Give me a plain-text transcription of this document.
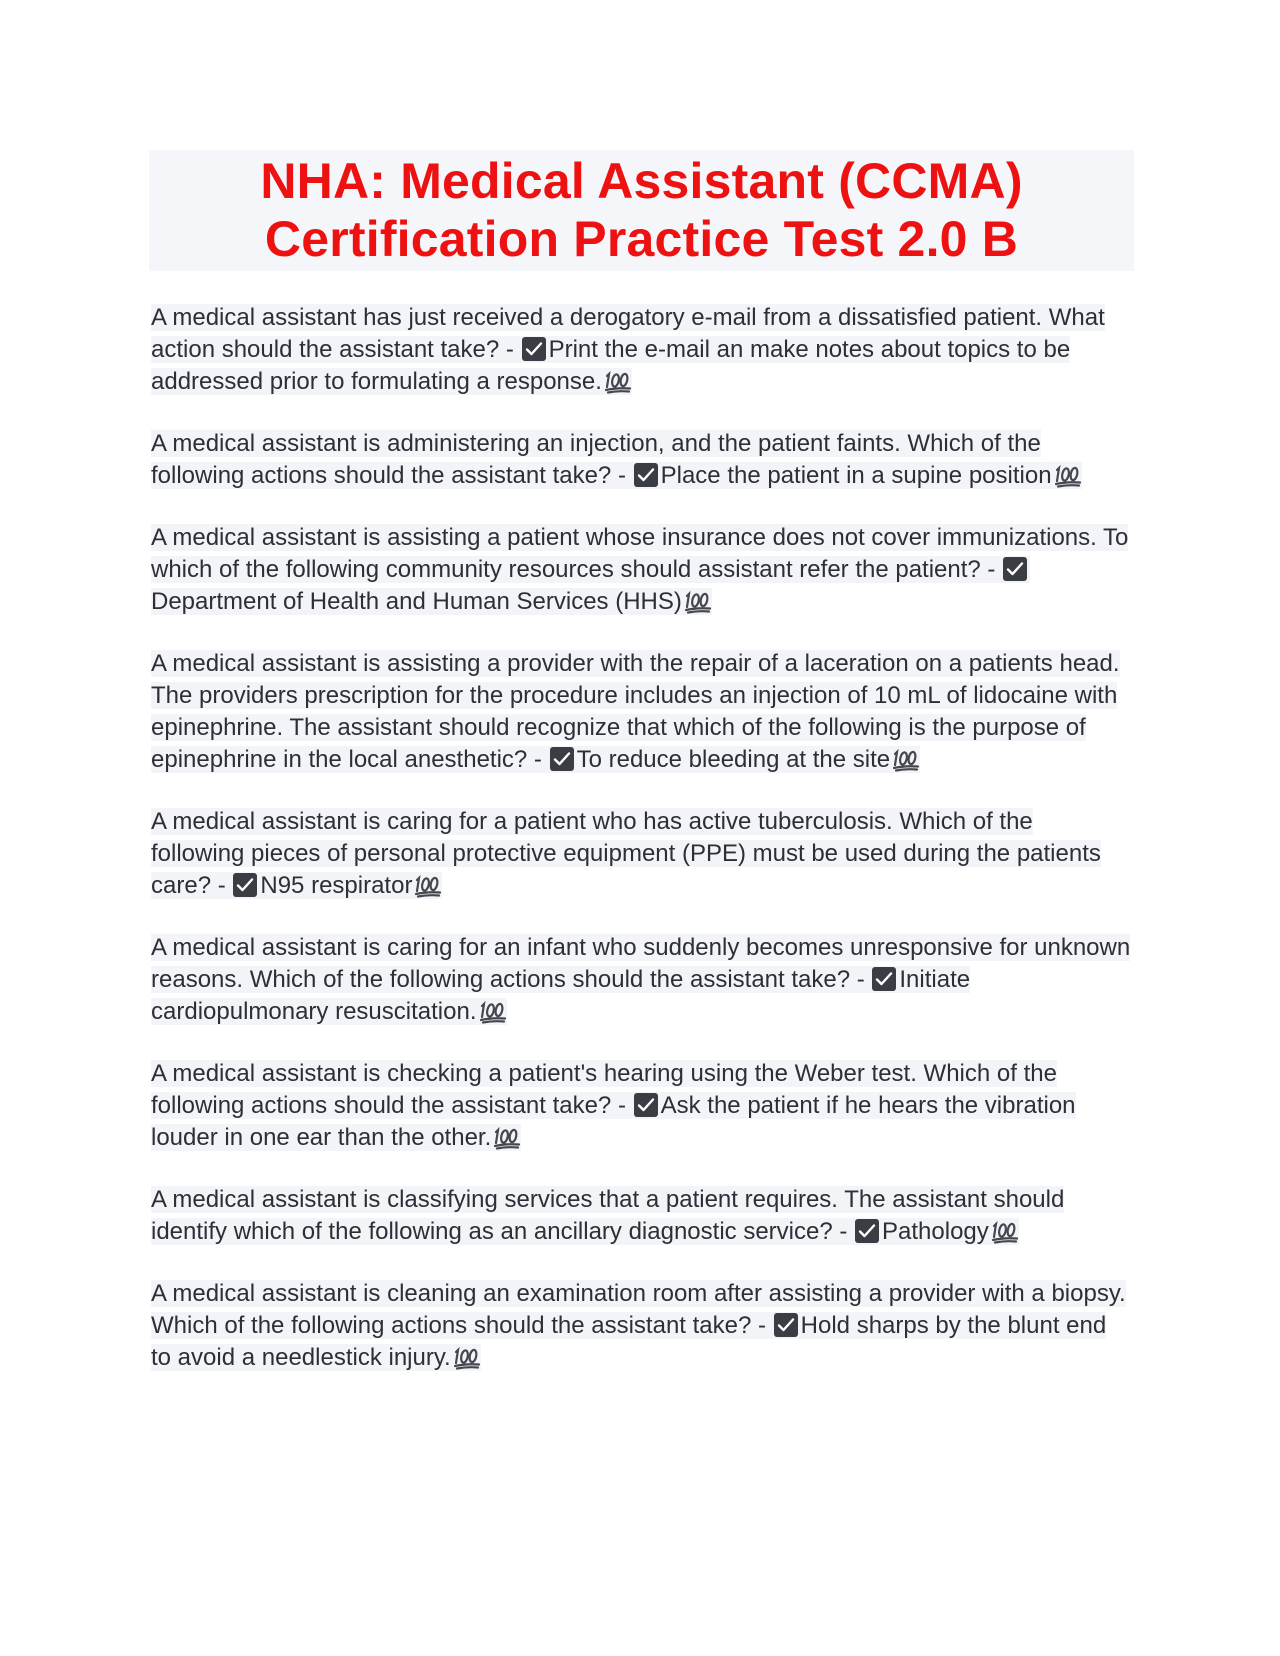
NHA: Medical Assistant (CCMA)
Certification Practice Test 2.0 B
A medical assistant has just received a derogatory e-mail from a dissatisfied patient. What action should the assistant take? -
Print the e-mail an make notes about topics to be addressed prior to formulating a response.
A medical assistant is administering an injection, and the patient faints. Which of the following actions should the assistant take? -
Place the patient in a supine position
A medical assistant is assisting a patient whose insurance does not cover immunizations. To which of the following community resources should assistant refer the patient? -
Department of Health and Human Services (HHS)
A medical assistant is assisting a provider with the repair of a laceration on a patients head. The providers prescription for the procedure includes an injection of 10 mL of lidocaine with epinephrine. The assistant should recognize that which of the following is the purpose of epinephrine in the local anesthetic? -
To reduce bleeding at the site
A medical assistant is caring for a patient who has active tuberculosis. Which of the following pieces of personal protective equipment (PPE) must be used during the patients care? -
N95 respirator
A medical assistant is caring for an infant who suddenly becomes unresponsive for unknown reasons. Which of the following actions should the assistant take? -
Initiate cardiopulmonary resuscitation.
A medical assistant is checking a patient's hearing using the Weber test. Which of the following actions should the assistant take? -
Ask the patient if he hears the vibration louder in one ear than the other.
A medical assistant is classifying services that a patient requires. The assistant should identify which of the following as an ancillary diagnostic service? -
Pathology
A medical assistant is cleaning an examination room after assisting a provider with a biopsy. Which of the following actions should the assistant take? -
Hold sharps by the blunt end to avoid a needlestick injury.
